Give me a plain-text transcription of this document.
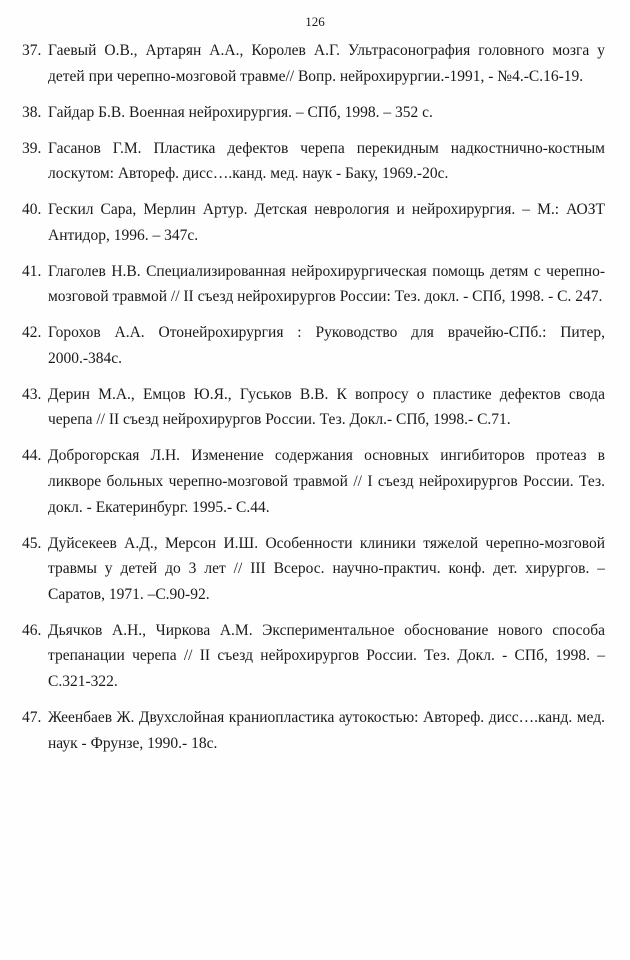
126
37. Гаевый О.В., Артарян А.А., Королев А.Г. Ультрасонография головного мозга у детей при черепно-мозговой травме// Вопр. нейрохирургии.-1991, - №4.-С.16-19.
38. Гайдар Б.В. Военная нейрохирургия. – СПб, 1998. – 352 с.
39. Гасанов Г.М. Пластика дефектов черепа перекидным надкостнично-костным лоскутом: Автореф. дисс….канд. мед. наук - Баку, 1969.-20с.
40. Гескил Сара, Мерлин Артур. Детская неврология и нейрохирургия. – М.: АОЗТ Антидор, 1996. – 347с.
41. Глаголев Н.В. Специализированная нейрохирургическая помощь детям с черепно-мозговой травмой // II съезд нейрохирургов России: Тез. докл. - СПб, 1998. - С. 247.
42. Горохов А.А. Отонейрохирургия : Руководство для врачейю-СПб.: Питер, 2000.-384с.
43. Дерин М.А., Емцов Ю.Я., Гуськов В.В. К вопросу о пластике дефектов свода черепа // II съезд нейрохирургов России. Тез. Докл.- СПб, 1998.- С.71.
44. Доброгорская Л.Н. Изменение содержания основных ингибиторов протеаз в ликворе больных черепно-мозговой травмой // I съезд нейрохирургов России. Тез. докл. - Екатеринбург. 1995.- С.44.
45. Дуйсекеев А.Д., Мерсон И.Ш. Особенности клиники тяжелой черепно-мозговой травмы у детей до 3 лет // III Всерос. научно-практич. конф. дет. хирургов. – Саратов, 1971. –С.90-92.
46. Дьячков А.Н., Чиркова А.М. Экспериментальное обоснование нового способа трепанации черепа // II съезд нейрохирургов России. Тез. Докл. - СПб, 1998. – С.321-322.
47. Жеенбаев Ж. Двухслойная краниопластика аутокостью: Автореф. дисс….канд. мед. наук - Фрунзе, 1990.- 18с.
